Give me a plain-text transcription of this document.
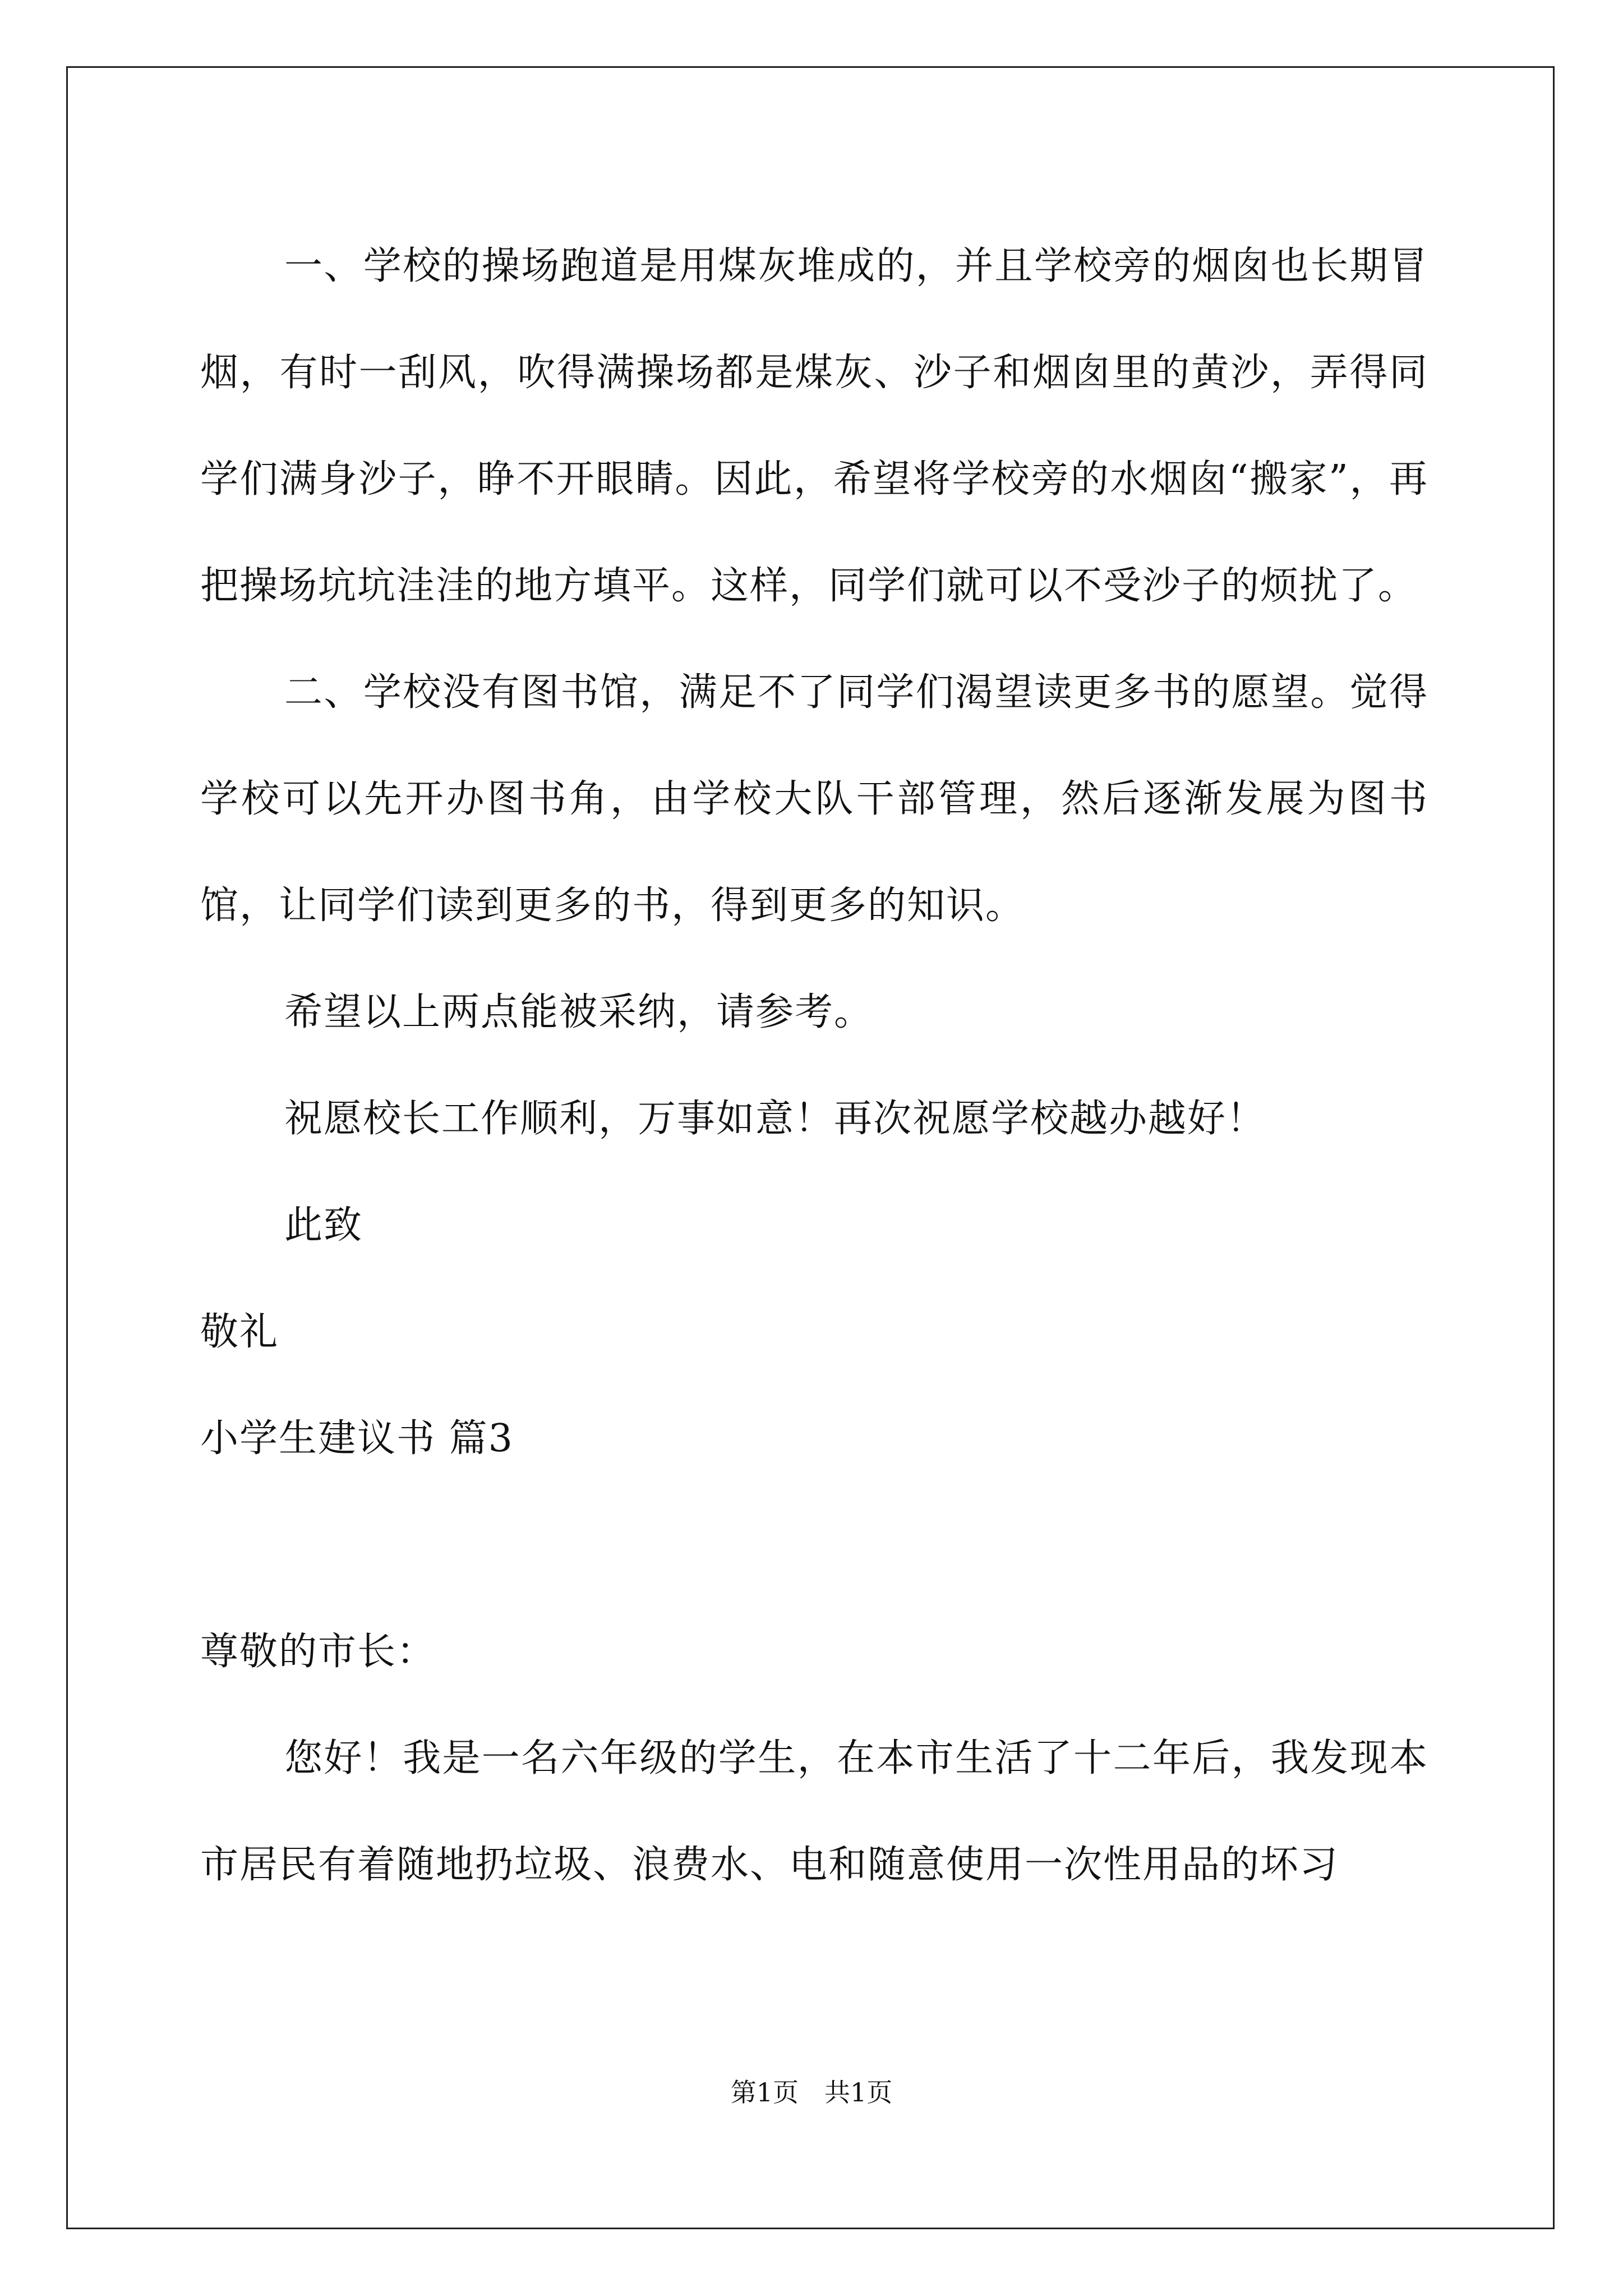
一、学校的操场跑道是用煤灰堆成的，并且学校旁的烟囱也长期冒烟，有时一刮风，吹得满操场都是煤灰、沙子和烟囱里的黄沙，弄得同学们满身沙子，睁不开眼睛。因此，希望将学校旁的水烟囱“搬家”，再把操场坑坑洼洼的地方填平。这样，同学们就可以不受沙子的烦扰了。

二、学校没有图书馆，满足不了同学们渴望读更多书的愿望。觉得学校可以先开办图书角，由学校大队干部管理，然后逐渐发展为图书馆，让同学们读到更多的书，得到更多的知识。

希望以上两点能被采纳，请参考。

祝愿校长工作顺利，万事如意！再次祝愿学校越办越好！

此致

敬礼

小学生建议书 篇3

尊敬的市长：

您好！我是一名六年级的学生，在本市生活了十二年后，我发现本市居民有着随地扔垃圾、浪费水、电和随意使用一次性用品的坏习

第1页　共1页
